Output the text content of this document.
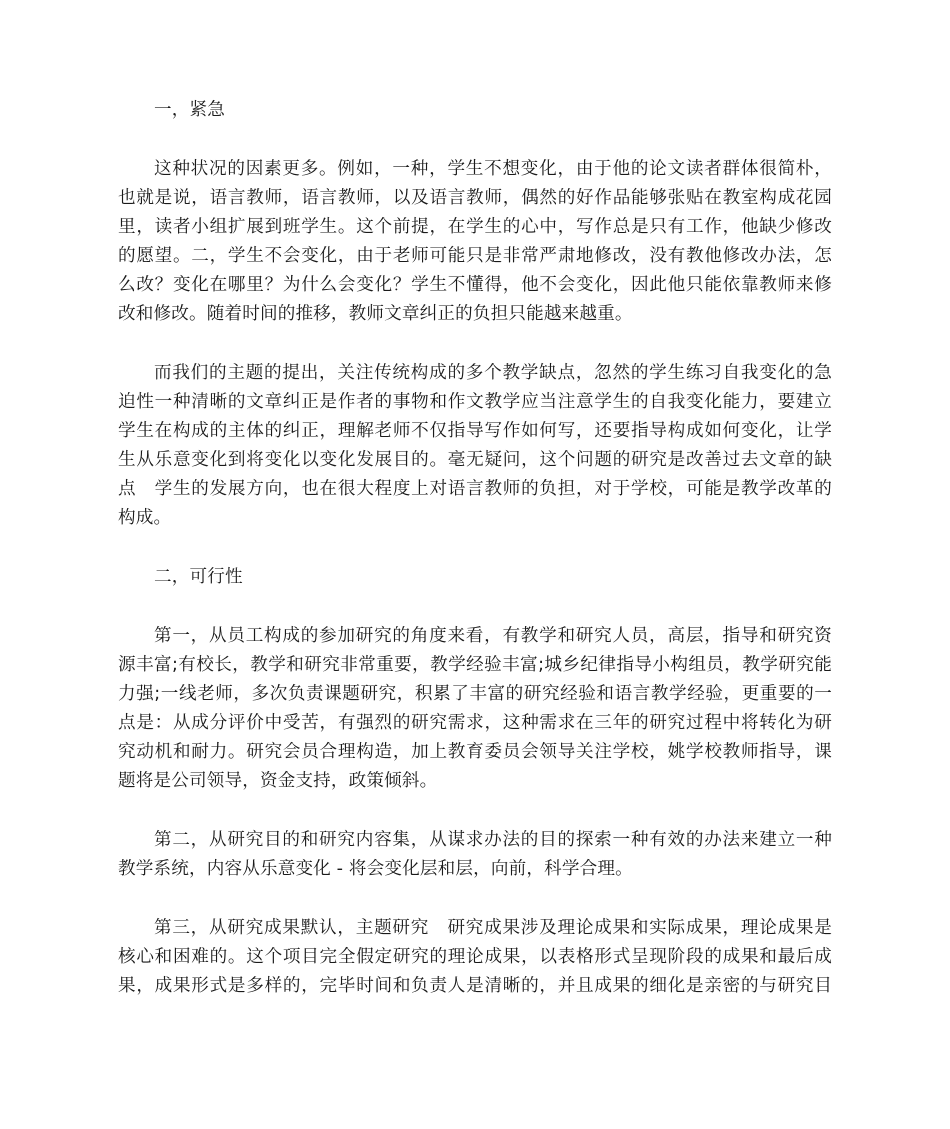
一，紧急
这种状况的因素更多。例如，一种，学生不想变化，由于他的论文读者群体很简朴，
也就是说，语言教师，语言教师，以及语言教师，偶然的好作品能够张贴在教室构成花园
里，读者小组扩展到班学生。这个前提，在学生的心中，写作总是只有工作，他缺少修改
的愿望。二，学生不会变化，由于老师可能只是非常严肃地修改，没有教他修改办法，怎
么改？变化在哪里？为什么会变化？学生不懂得，他不会变化，因此他只能依靠教师来修
改和修改。随着时间的推移，教师文章纠正的负担只能越来越重。
而我们的主题的提出，关注传统构成的多个教学缺点，忽然的学生练习自我变化的急
迫性一种清晰的文章纠正是作者的事物和作文教学应当注意学生的自我变化能力，要建立
学生在构成的主体的纠正，理解老师不仅指导写作如何写，还要指导构成如何变化，让学
生从乐意变化到将变化以变化发展目的。毫无疑问，这个问题的研究是改善过去文章的缺
点　学生的发展方向，也在很大程度上对语言教师的负担，对于学校，可能是教学改革的
构成。
二，可行性
第一，从员工构成的参加研究的角度来看，有教学和研究人员，高层，指导和研究资
源丰富;有校长，教学和研究非常重要，教学经验丰富;城乡纪律指导小构组员，教学研究能
力强;一线老师，多次负责课题研究，积累了丰富的研究经验和语言教学经验，更重要的一
点是：从成分评价中受苦，有强烈的研究需求，这种需求在三年的研究过程中将转化为研
究动机和耐力。研究会员合理构造，加上教育委员会领导关注学校，姚学校教师指导，课
题将是公司领导，资金支持，政策倾斜。
第二，从研究目的和研究内容集，从谋求办法的目的探索一种有效的办法来建立一种
教学系统，内容从乐意变化 - 将会变化层和层，向前，科学合理。
第三，从研究成果默认，主题研究　研究成果涉及理论成果和实际成果，理论成果是
核心和困难的。这个项目完全假定研究的理论成果，以表格形式呈现阶段的成果和最后成
果，成果形式是多样的，完毕时间和负责人是清晰的，并且成果的细化是亲密的与研究目
